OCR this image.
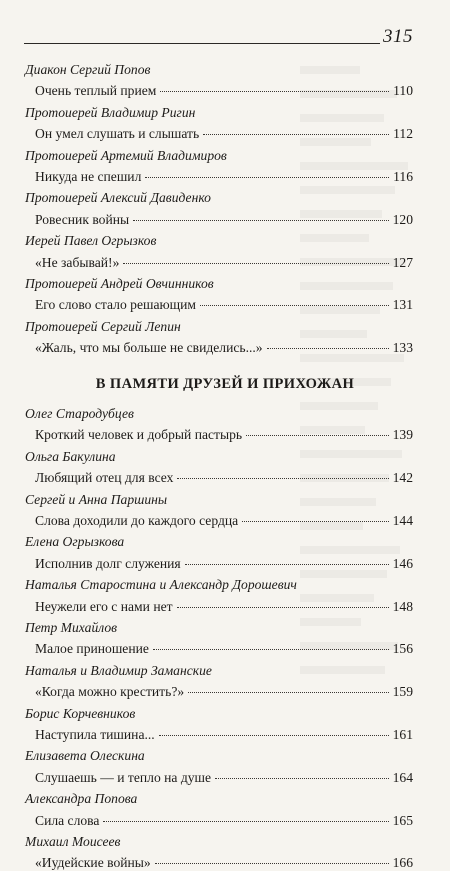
315
Диакон Сергий Попов
Очень теплый прием	110
Протоиерей Владимир Ригин
Он умел слушать и слышать	112
Протоиерей Артемий Владимиров
Никуда не спешил	116
Протоиерей Алексий Давиденко
Ровесник войны	120
Иерей Павел Огрызков
«Не забывай!»	127
Протоиерей Андрей Овчинников
Его слово стало решающим	131
Протоиерей Сергий Лепин
«Жаль, что мы больше не свиделись...»	133
В ПАМЯТИ ДРУЗЕЙ И ПРИХОЖАН
Олег Стародубцев
Кроткий человек и добрый пастырь	139
Ольга Бакулина
Любящий отец для всех	142
Сергей и Анна Паршины
Слова доходили до каждого сердца	144
Елена Огрызкова
Исполнив долг служения	146
Наталья Старостина и Александр Дорошевич
Неужели его с нами нет	148
Петр Михайлов
Малое приношение	156
Наталья и Владимир Заманские
«Когда можно крестить?»	159
Борис Корчевников
Наступила тишина...	161
Елизавета Олескина
Слушаешь — и тепло на душе	164
Александра Попова
Сила слова	165
Михаил Моисеев
«Иудейские войны»	166
